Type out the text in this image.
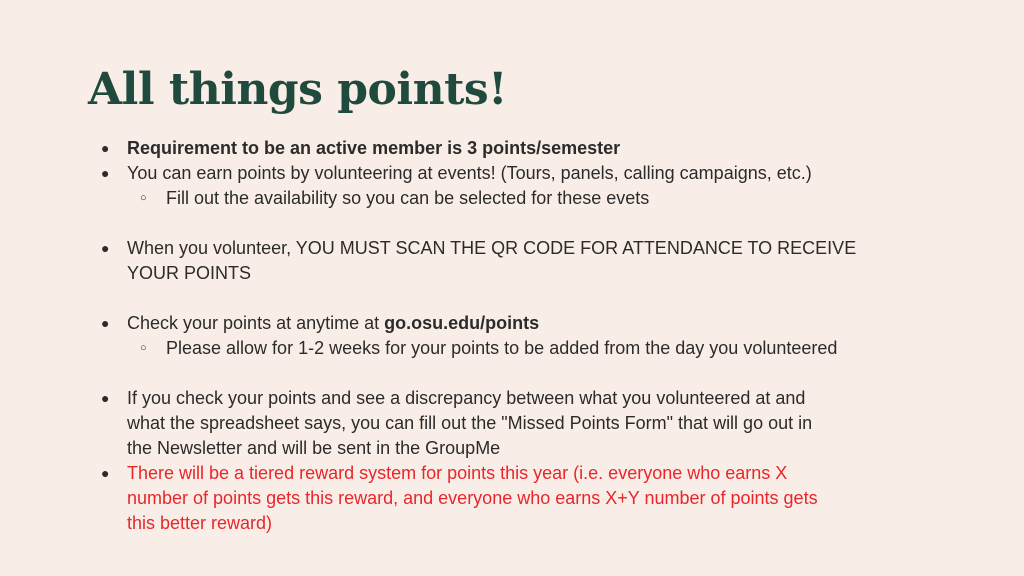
All things points!
● Requirement to be an active member is 3 points/semester
● You can earn points by volunteering at events! (Tours, panels, calling campaigns, etc.)
○ Fill out the availability so you can be selected for these evets
● When you volunteer, YOU MUST SCAN THE QR CODE FOR ATTENDANCE TO RECEIVE
YOUR POINTS
● Check your points at anytime at go.osu.edu/points
○ Please allow for 1-2 weeks for your points to be added from the day you volunteered
● If you check your points and see a discrepancy between what you volunteered at and
what the spreadsheet says, you can fill out the "Missed Points Form" that will go out in
the Newsletter and will be sent in the GroupMe
● There will be a tiered reward system for points this year (i.e. everyone who earns X
number of points gets this reward, and everyone who earns X+Y number of points gets
this better reward)
